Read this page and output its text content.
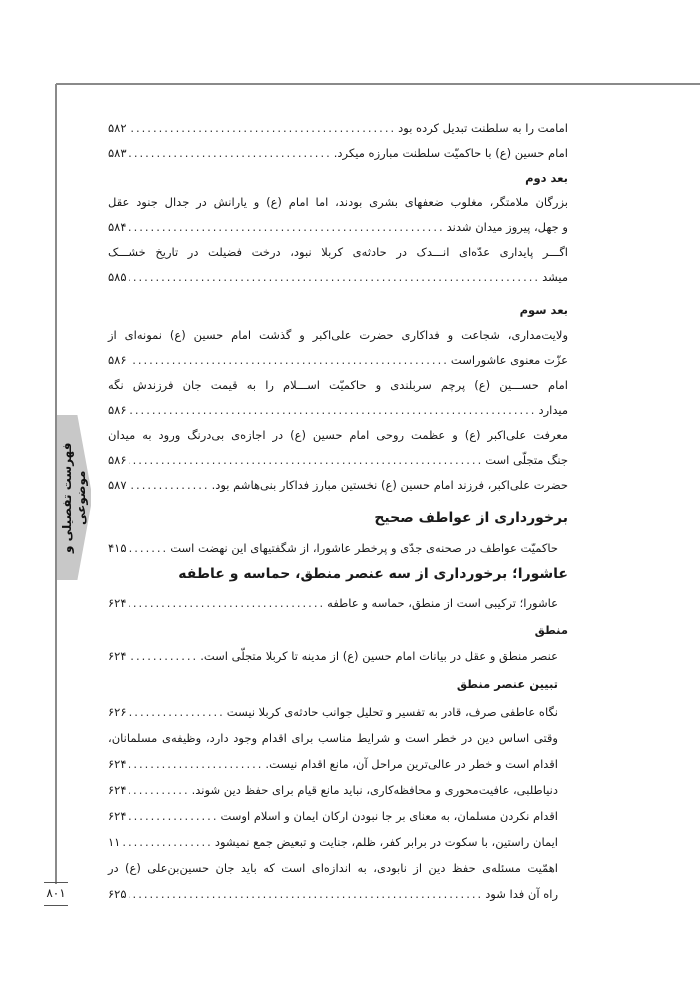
فهرست تفصیلی و موضوعی
۸۰۱
امامت را به سلطنت تبدیل کرده بود
.....
۵۸۲
امام حسین (ع) با حاکمیّت سلطنت مبارزه میکرد.
.....
۵۸۳
بعد دوم
بزرگان ملامتگر، مغلوب ضعفهای بشری بودند، اما امام (ع) و یارانش در جدال جنود عقل
و جهل، پیروز میدان شدند
.....
۵۸۴
اگـــر پایداری عدّه‌ای انـــدک در حادثه‌ی کربلا نبود، درخت فضیلت در تاریخ خشـــک
میشد
.....
۵۸۵
بعد سوم
ولایت‌مداری، شجاعت و فداکاری حضرت علی‌اکبر و گذشت امام حسین (ع) نمونه‌ای از
عزّت معنوی عاشوراست
.....
۵۸۶
امام حســـین (ع) پرچم سربلندی و حاکمیّت اســـلام را به قیمت جان فرزندش نگه
میدارد
.....
۵۸۶
معرفت علی‌اکبر (ع) و عظمت روحی امام حسین (ع) در اجازه‌ی بی‌درنگ ورود به میدان
جنگ متجلّی است
.....
۵۸۶
حضرت علی‌اکبر، فرزند امام حسین (ع) نخستین مبارز فداکار بنی‌هاشم بود.
.....
۵۸۷
برخورداری از عواطف صحیح
حاکمیّت عواطف در صحنه‌ی جدّی و پرخطر عاشورا، از شگفتیهای این نهضت است
.....
۴۱۵
عاشورا؛ برخورداری از سه عنصر منطق، حماسه و عاطفه
عاشورا؛ ترکیبی است از منطق، حماسه و عاطفه
.....
۶۲۴
منطق
عنصر منطق و عقل در بیانات امام حسین (ع) از مدینه تا کربلا متجلّی است.
.....
۶۲۴
تبیین عنصر منطق
نگاه عاطفی صرف، قادر به تفسیر و تحلیل جوانب حادثه‌ی کربلا نیست
.....
۶۲۶
وقتی اساس دین در خطر است و شرایط مناسب برای اقدام وجود دارد، وظیفه‌ی مسلمانان،
اقدام است و خطر در عالی‌ترین مراحل آن، مانع اقدام نیست.
.....
۶۲۴
دنیاطلبی، عافیت‌محوری و محافظه‌کاری، نباید مانع قیام برای حفظ دین شوند.
.....
۶۲۴
اقدام نکردن مسلمان، به معنای بر جا نبودن ارکان ایمان و اسلام اوست
.....
۶۲۴
ایمان راستین، با سکوت در برابر کفر، ظلم، جنایت و تبعیض جمع نمیشود
.....
۱۱
اهمّیت مسئله‌ی حفظ دین از نابودی، به اندازه‌ای است که باید جان حسین‌بن‌علی (ع) در
راه آن فدا شود
.....
۶۲۵
